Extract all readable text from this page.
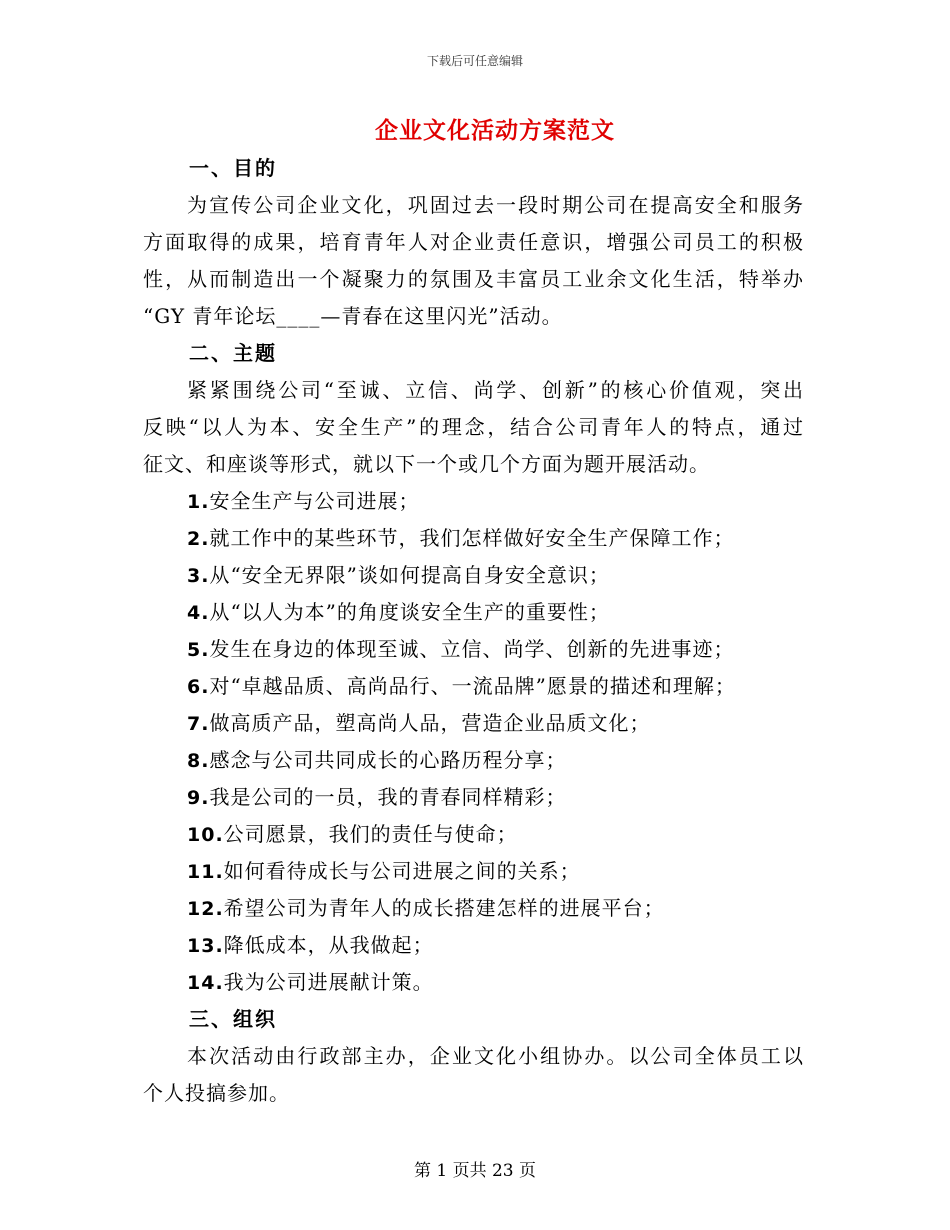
下载后可任意编辑
企业文化活动方案范文
一、目的
为宣传公司企业文化，巩固过去一段时期公司在提高安全和服务
方面取得的成果，培育青年人对企业责任意识，增强公司员工的积极
性，从而制造出一个凝聚力的氛围及丰富员工业余文化生活，特举办
“GY 青年论坛____—青春在这里闪光”活动。
二、主题
紧紧围绕公司“至诚、立信、尚学、创新”的核心价值观，突出
反映“以人为本、安全生产”的理念，结合公司青年人的特点，通过
征文、和座谈等形式，就以下一个或几个方面为题开展活动。
1.安全生产与公司进展；
2.就工作中的某些环节，我们怎样做好安全生产保障工作；
3.从“安全无界限”谈如何提高自身安全意识；
4.从“以人为本”的角度谈安全生产的重要性；
5.发生在身边的体现至诚、立信、尚学、创新的先进事迹；
6.对“卓越品质、高尚品行、一流品牌”愿景的描述和理解；
7.做高质产品，塑高尚人品，营造企业品质文化；
8.感念与公司共同成长的心路历程分享；
9.我是公司的一员，我的青春同样精彩；
10.公司愿景，我们的责任与使命；
11.如何看待成长与公司进展之间的关系；
12.希望公司为青年人的成长搭建怎样的进展平台；
13.降低成本，从我做起；
14.我为公司进展献计策。
三、组织
本次活动由行政部主办，企业文化小组协办。以公司全体员工以
个人投搞参加。
第 1 页共 23 页
